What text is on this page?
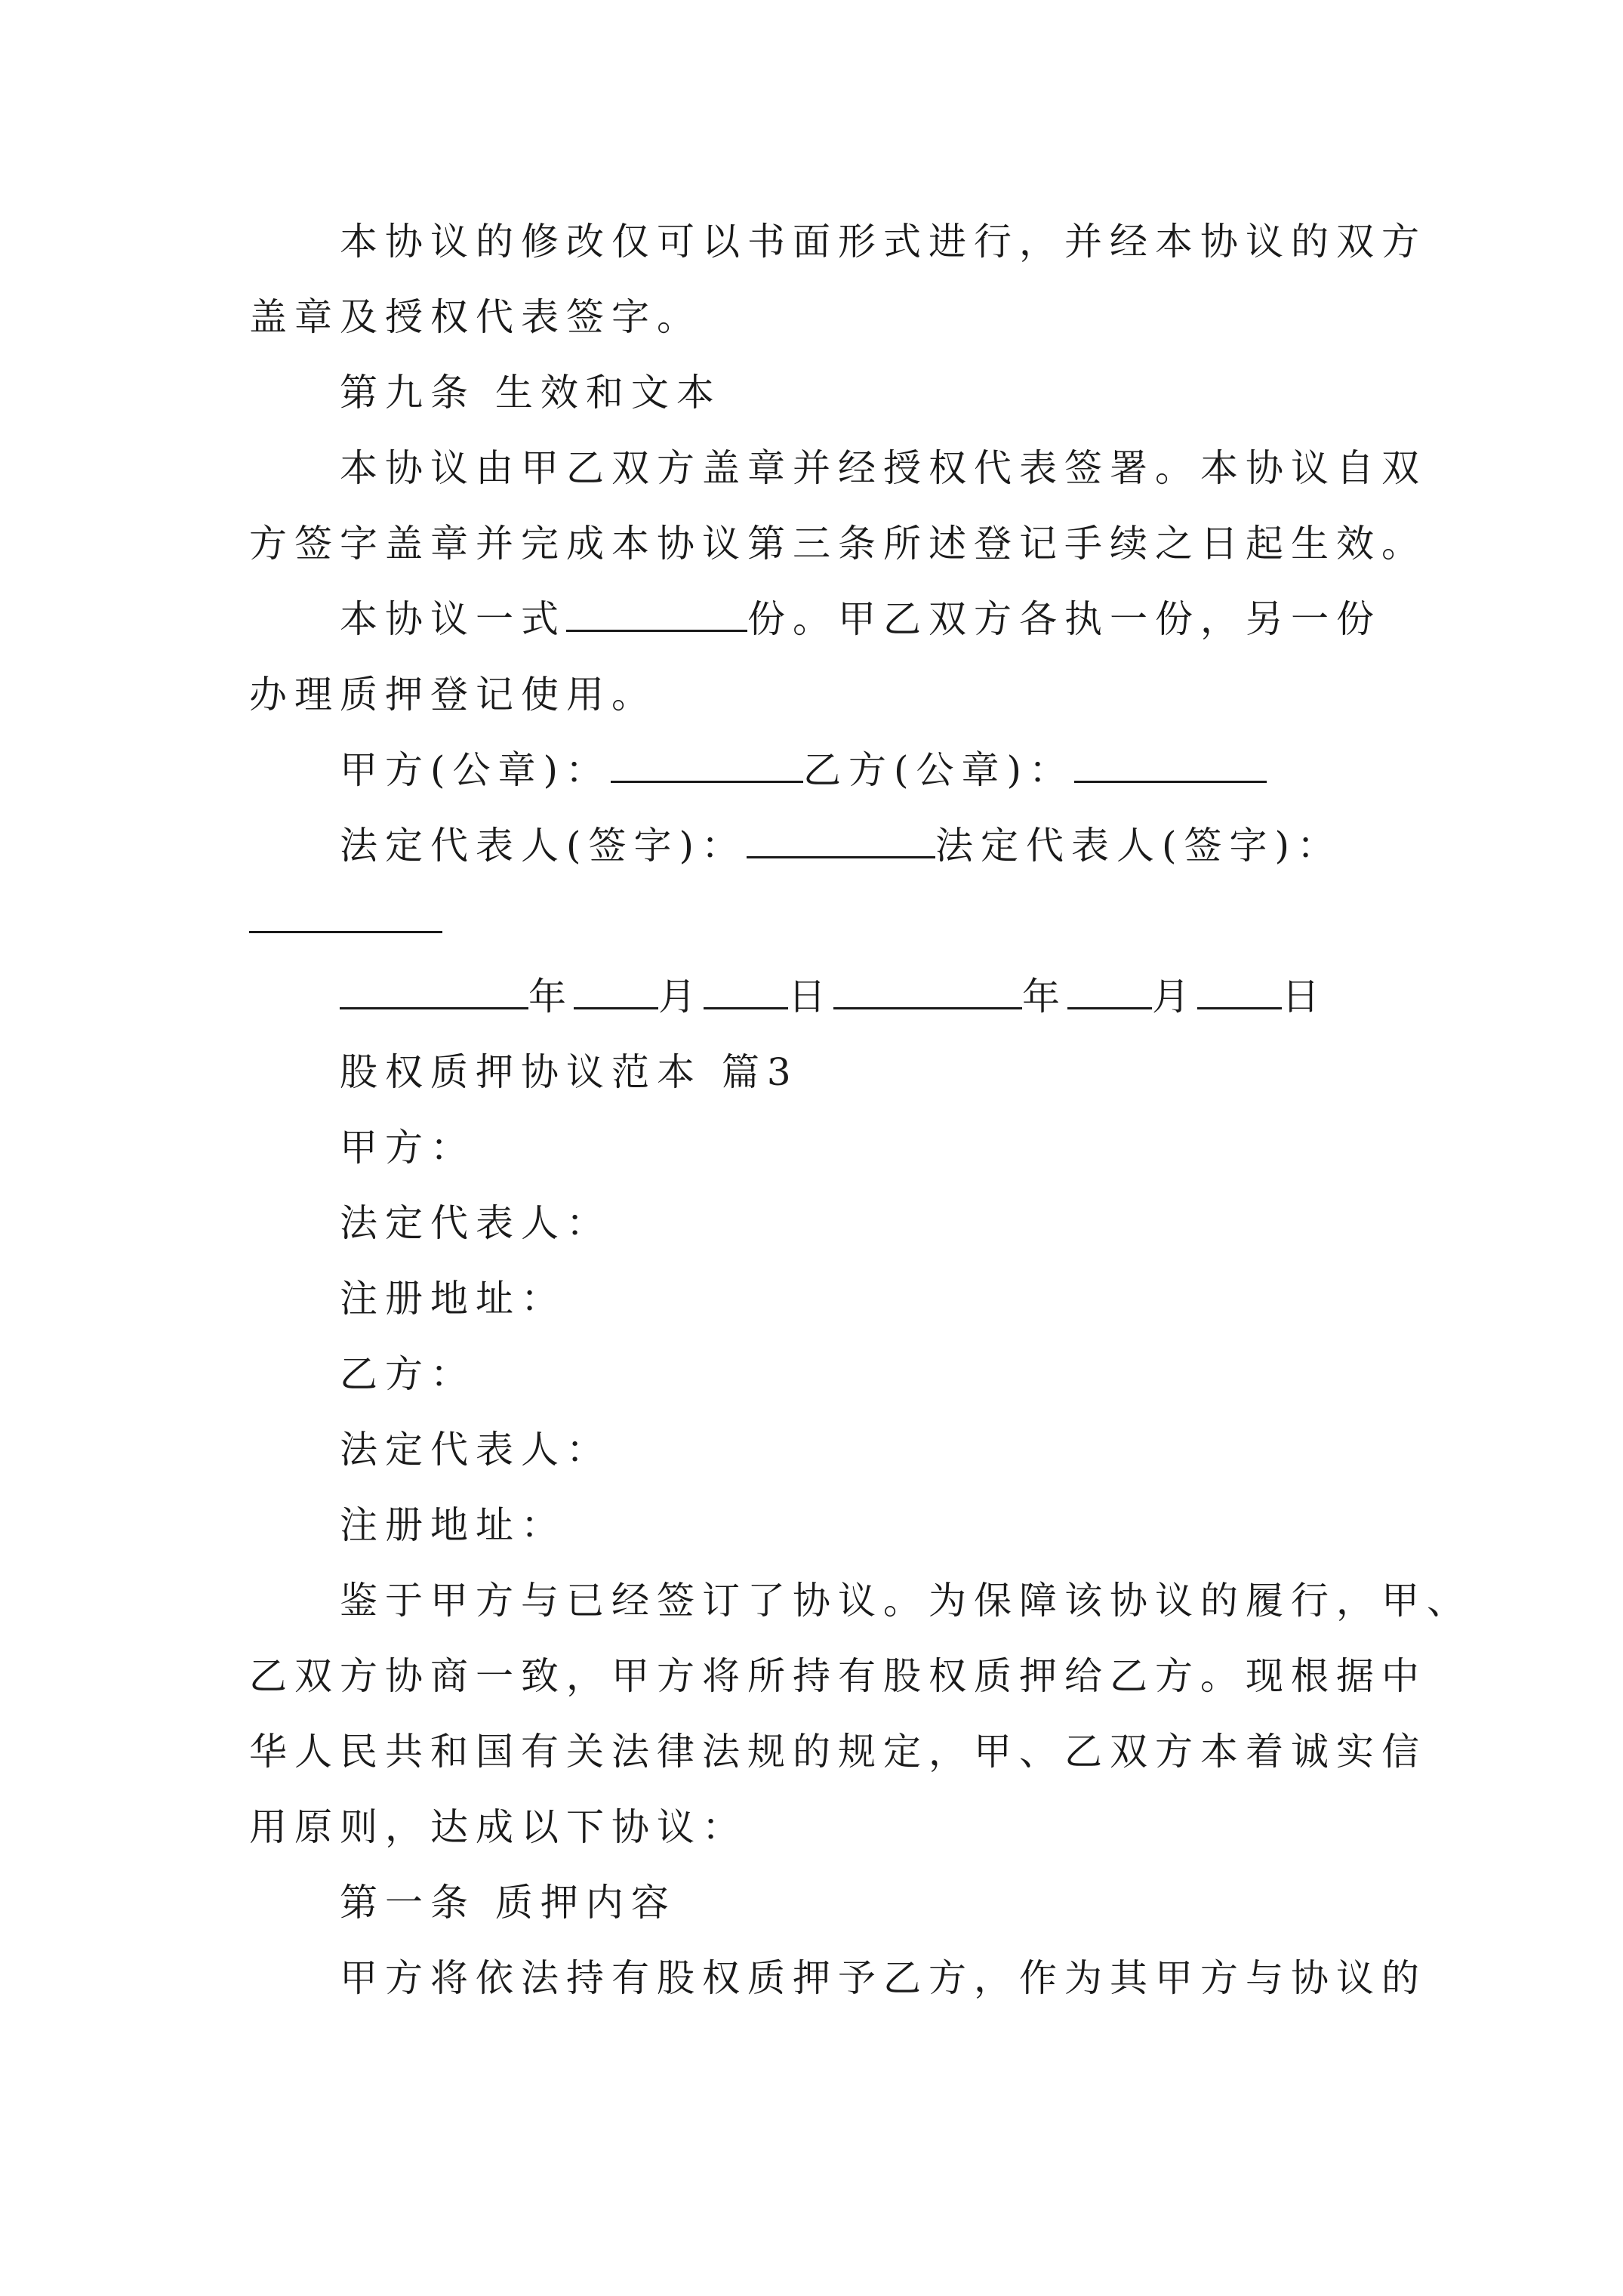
本协议的修改仅可以书面形式进行，并经本协议的双方
盖章及授权代表签字。
第九条 生效和文本
本协议由甲乙双方盖章并经授权代表签署。本协议自双
方签字盖章并完成本协议第三条所述登记手续之日起生效。
本协议一式	份。甲乙双方各执一份，另一份
办理质押登记使用。
甲方(公章)：	乙方(公章)：
法定代表人(签字)：	法定代表人(签字)：
年 月 日	年 月 日
股权质押协议范本 篇3
甲方：
法定代表人：
注册地址：
乙方：
法定代表人：
注册地址：
鉴于甲方与已经签订了协议。为保障该协议的履行，甲、
乙双方协商一致，甲方将所持有股权质押给乙方。现根据中
华人民共和国有关法律法规的规定，甲、乙双方本着诚实信
用原则，达成以下协议：
第一条 质押内容
甲方将依法持有股权质押予乙方，作为其甲方与协议的
